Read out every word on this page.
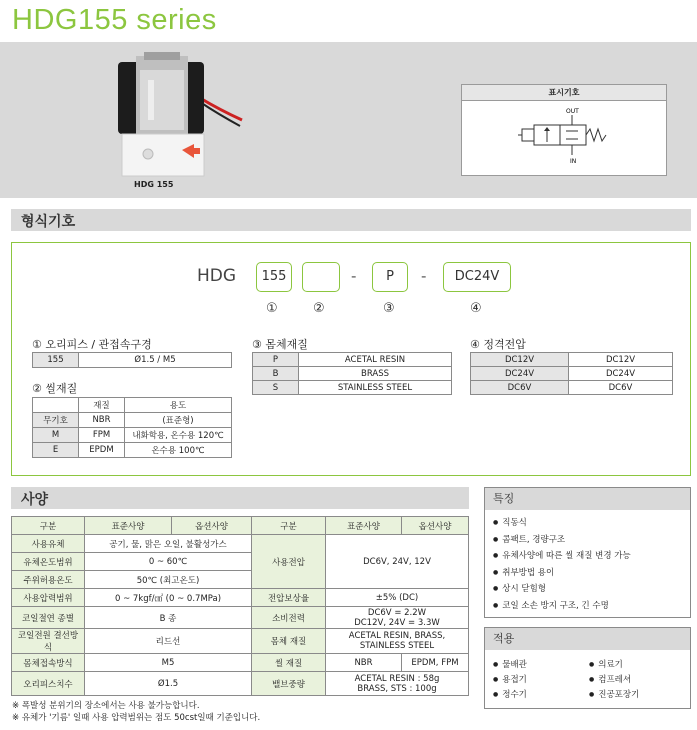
HDG155 series
HDG 155
표시기호
OUT
IN
형식기호
HDG	155	-	P	-	DC24V
①	②	③	④
① 오리피스 / 관접속구경
155	Ø1.5 / M5
② 씰재질
	재질	용도
무기호	NBR	(표준형)
M	FPM	내화학용, 온수용 120℃
E	EPDM	온수용 100℃
③ 몸체재질
P	ACETAL RESIN
B	BRASS
S	STAINLESS STEEL
④ 정격전압
DC12V	DC12V
DC24V	DC24V
DC6V	DC6V
사양
구분	표준사양	옵션사양	구분	표준사양	옵션사양
사용유체	공기, 물, 맑은 오일, 불활성가스		사용전압	DC6V, 24V, 12V	
유체온도범위	0 ~ 60℃				
주위허용온도	50℃ (최고온도)				
사용압력범위	0 ~ 7kgf/㎠ (0 ~ 0.7MPa)		전압보상율	±5% (DC)	
코일절연 종별	B 종		소비전력	DC6V = 2.2W
DC12V, 24V = 3.3W	

코일전원 결선방식	리드선		몸체 재질	ACETAL RESIN, BRASS,
STAINLESS STEEL	

몸체접속방식	M5		씰 재질	NBR	EPDM, FPM
오리피스치수	Ø1.5		밸브중량	ACETAL RESIN : 58g
BRASS, STS : 100g	
※ 폭발성 분위기의 장소에서는 사용 불가능합니다.
※ 유체가 '기름' 일때 사용 압력범위는 점도 50cst일때 기준입니다.
특징
● 직동식
● 콤팩트, 경량구조
● 유체사양에 따른 씰 재질 변경 가능
● 취부방법 용이
● 상시 닫힘형
● 코일 소손 방지 구조, 긴 수명
적용
● 물배관	● 의료기
● 용접기	● 컴프레셔
● 정수기	● 진공포장기
